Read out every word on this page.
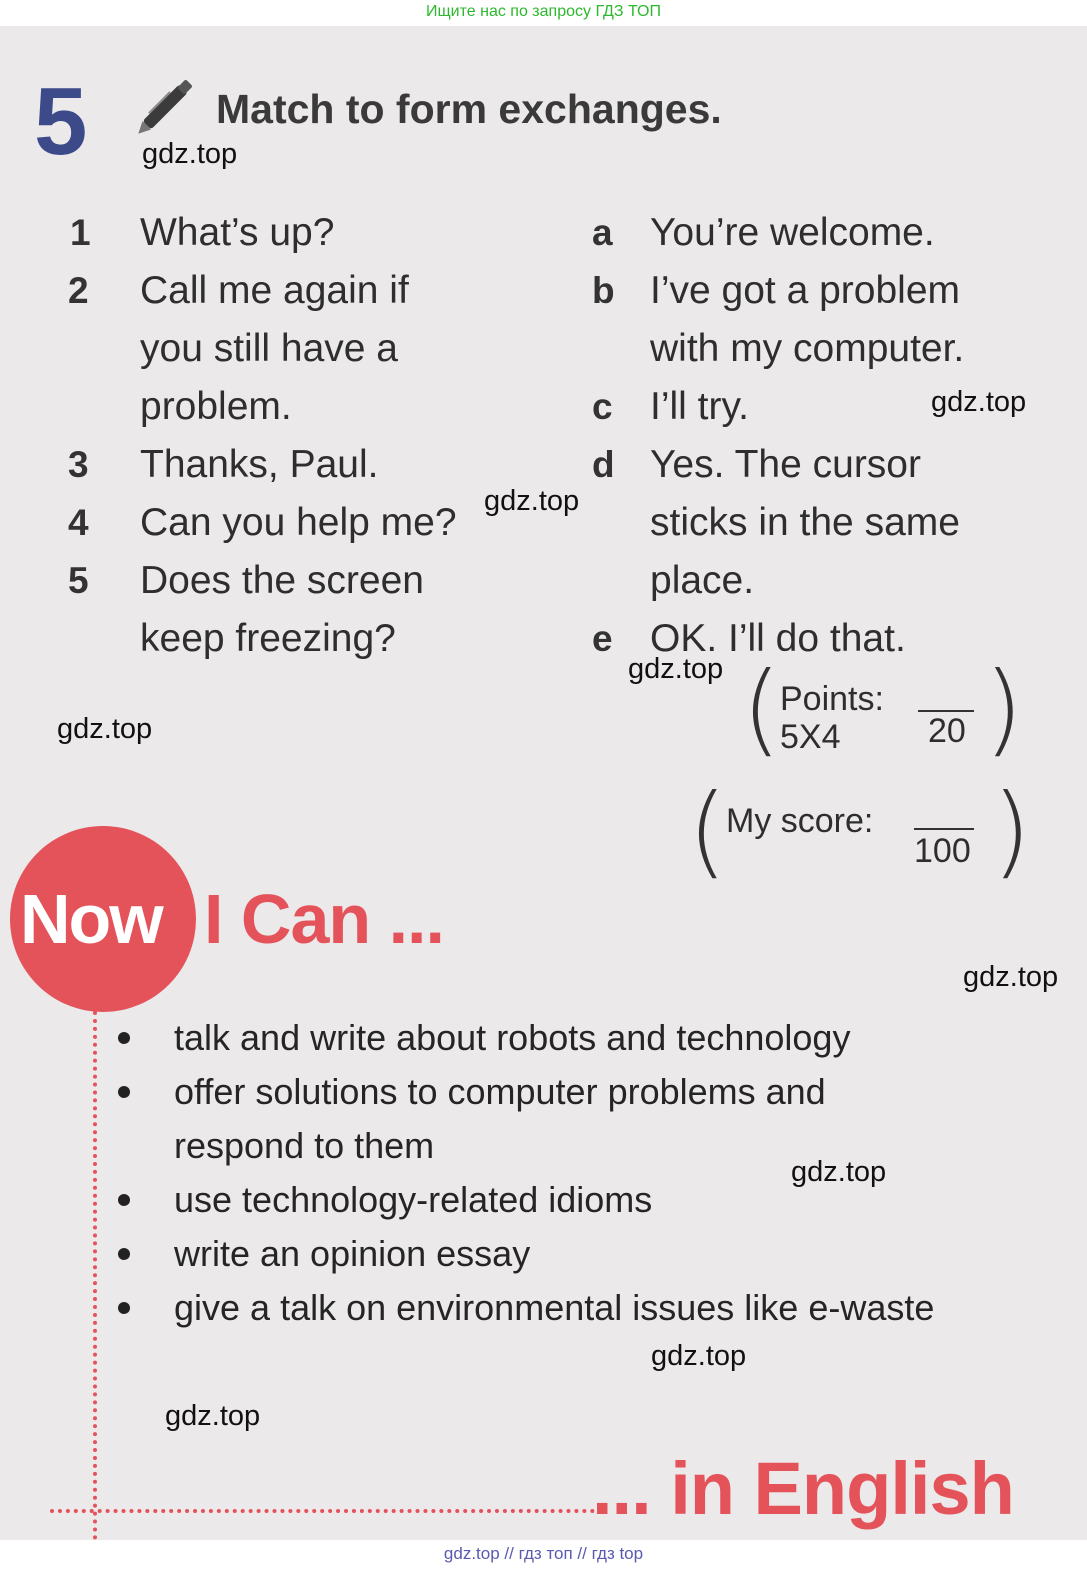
Ищите нас по запросу ГДЗ ТОП
5	Match to form exchanges.
1 What’s up?
2 Call me again if
you still have a
problem.
3 Thanks, Paul.
4 Can you help me?
5 Does the screen
keep freezing?
a You’re welcome.
b I’ve got a problem
with my computer.
c I’ll try.
d Yes. The cursor
sticks in the same
place.
e OK. I’ll do that.
(
Points:
5X4	20 )
(
My score:
100 )
Now I Can ...
talk and write about robots and technology
offer solutions to computer problems and
respond to them
use technology-related idioms
write an opinion essay
give a talk on environmental issues like e-waste
... in English
gdz.top
gdz.top
gdz.top
gdz.top
gdz.top
gdz.top
gdz.top
gdz.top
gdz.top
gdz.top // гдз топ // гдз top
